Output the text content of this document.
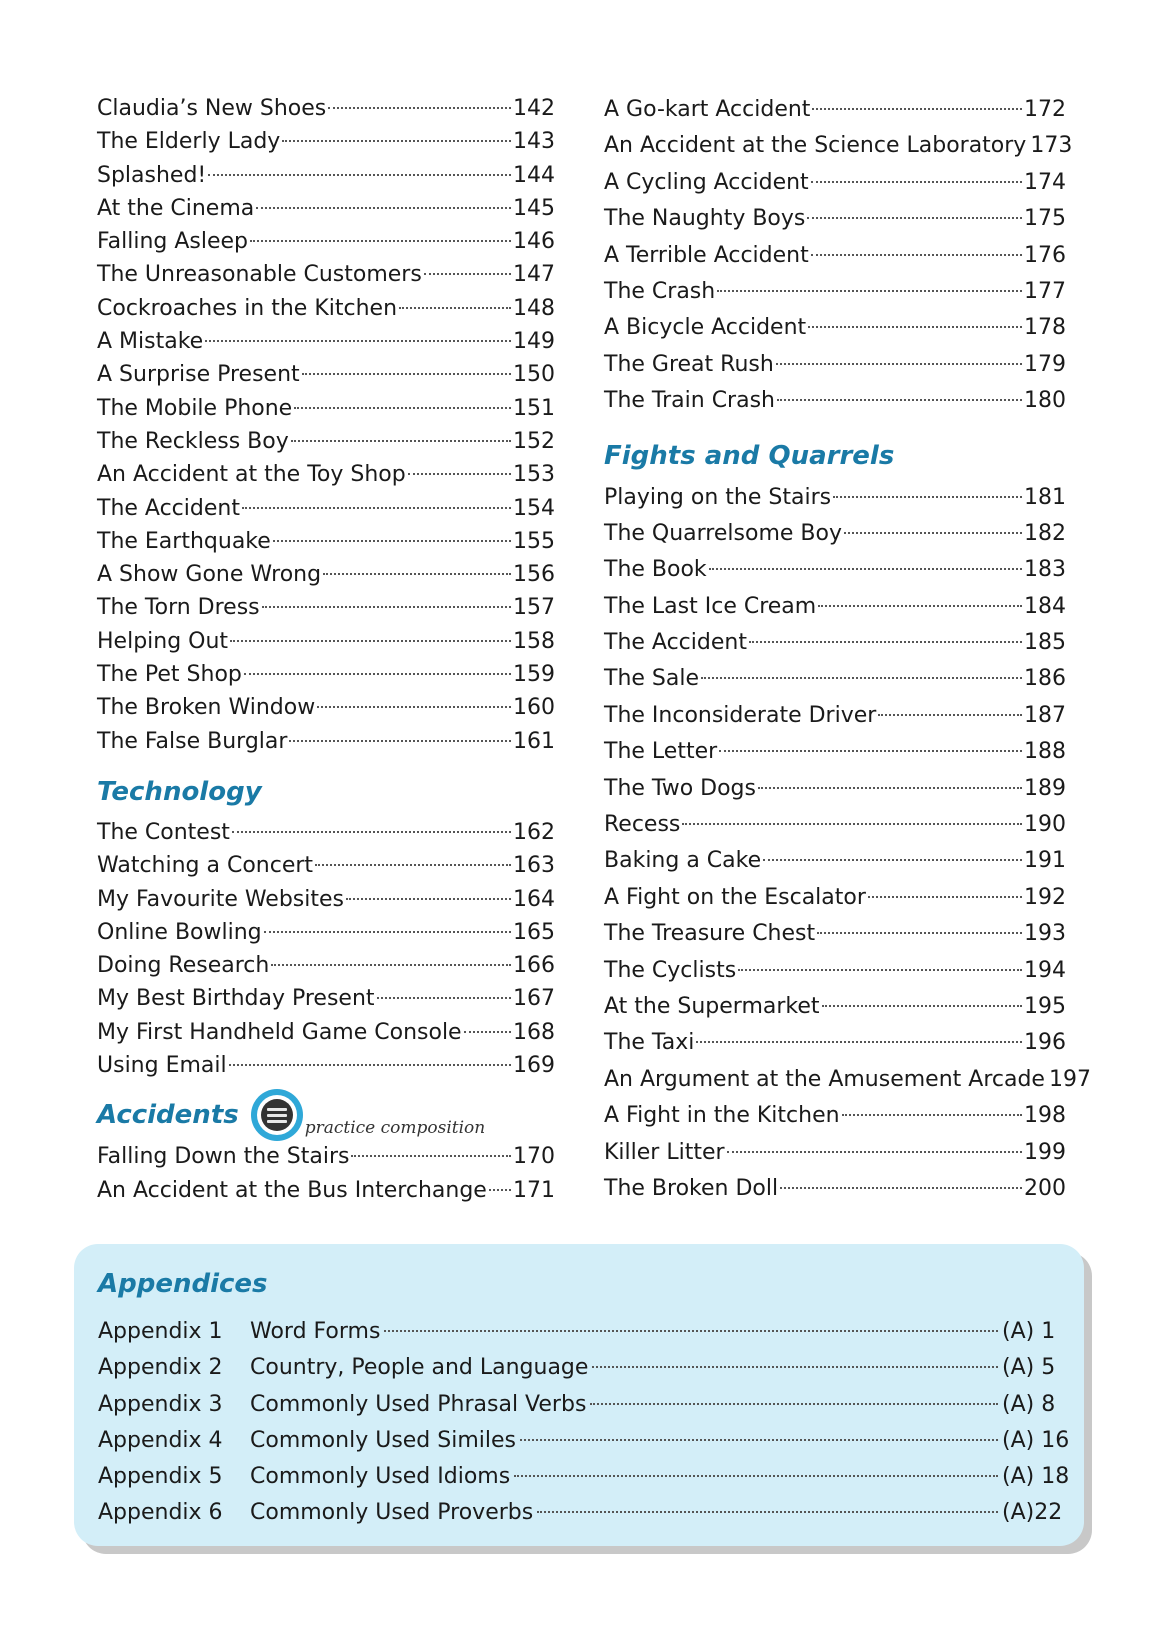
Claudia’s New Shoes	142
The Elderly Lady	143
Splashed!	144
At the Cinema	145
Falling Asleep	146
The Unreasonable Customers	147
Cockroaches in the Kitchen	148
A Mistake	149
A Surprise Present	150
The Mobile Phone	151
The Reckless Boy	152
An Accident at the Toy Shop	153
The Accident	154
The Earthquake	155
A Show Gone Wrong	156
The Torn Dress	157
Helping Out	158
The Pet Shop	159
The Broken Window	160
The False Burglar	161
Technology
The Contest	162
Watching a Concert	163
My Favourite Websites	164
Online Bowling	165
Doing Research	166
My Best Birthday Present	167
My First Handheld Game Console 168
Using Email	169
Accidents	practice composition
Falling Down the Stairs	170
An Accident at the Bus Interchange 171
A Go-kart Accident	172
An Accident at the Science Laboratory 173
A Cycling Accident	174
The Naughty Boys	175
A Terrible Accident	176
The Crash	177
A Bicycle Accident	178
The Great Rush	179
The Train Crash	180
Fights and Quarrels
Playing on the Stairs	181
The Quarrelsome Boy	182
The Book	183
The Last Ice Cream	184
The Accident	185
The Sale	186
The Inconsiderate Driver	187
The Letter	188
The Two Dogs	189
Recess	190
Baking a Cake	191
A Fight on the Escalator	192
The Treasure Chest	193
The Cyclists	194
At the Supermarket	195
The Taxi	196
An Argument at the Amusement Arcade 197
A Fight in the Kitchen	198
Killer Litter	199
The Broken Doll	200
Appendices
Appendix 1	Word Forms	(A) 1
Appendix 2	Country, People and Language	(A) 5
Appendix 3	Commonly Used Phrasal Verbs	(A) 8
Appendix 4	Commonly Used Similes	(A) 16
Appendix 5	Commonly Used Idioms	(A) 18
Appendix 6	Commonly Used Proverbs	(A)22
